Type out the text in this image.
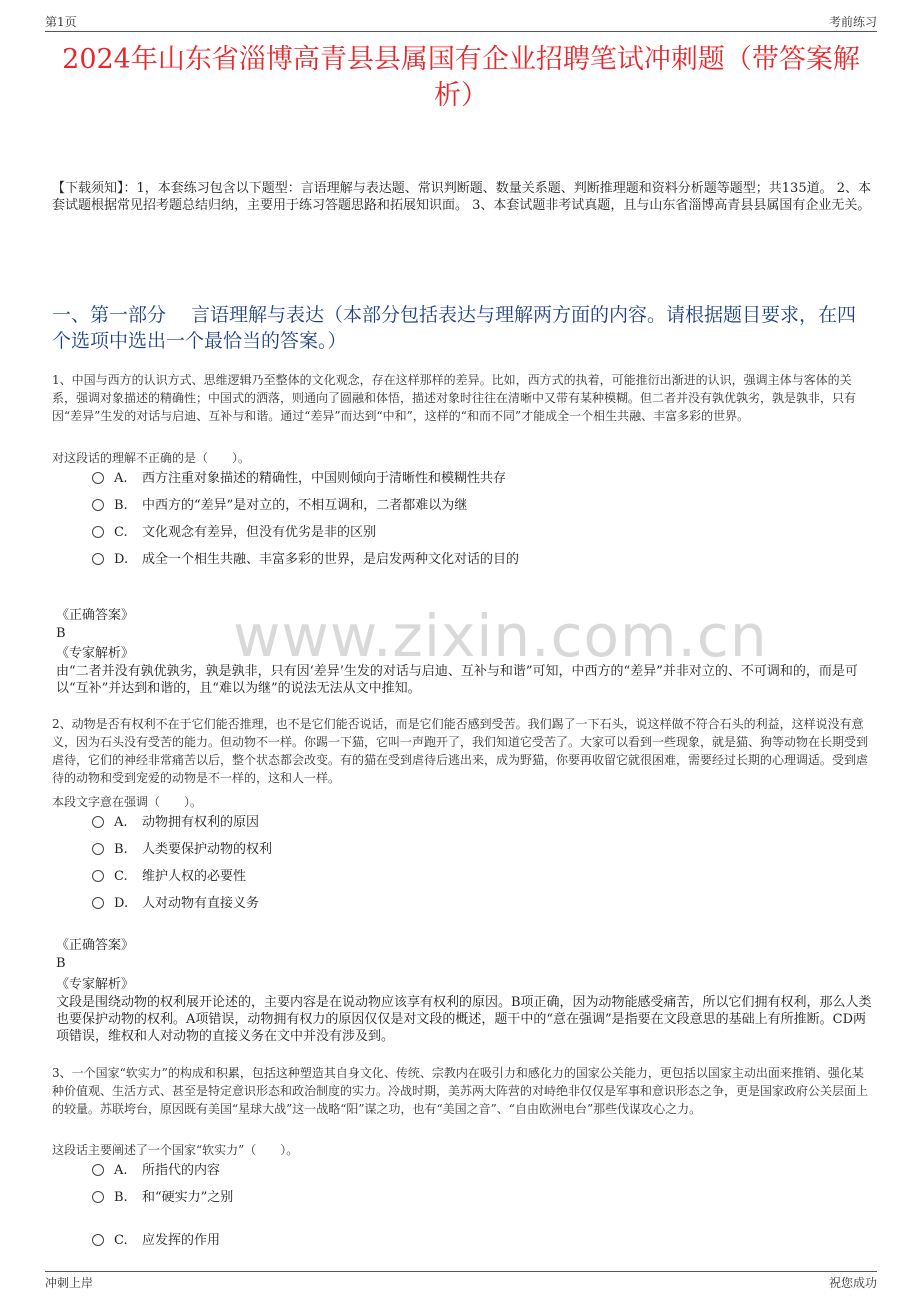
第1页	考前练习
2024年山东省淄博高青县县属国有企业招聘笔试冲刺题（带答案解析）
【下载须知】：1，本套练习包含以下题型：言语理解与表达题、常识判断题、数量关系题、判断推理题和资料分析题等题型；共135道。 2、本套试题根据常见招考题总结归纳，主要用于练习答题思路和拓展知识面。 3、本套试题非考试真题，且与山东省淄博高青县县属国有企业无关。
一、第一部分　 言语理解与表达（本部分包括表达与理解两方面的内容。请根据题目要求，在四个选项中选出一个最恰当的答案。）
1、中国与西方的认识方式、思维逻辑乃至整体的文化观念，存在这样那样的差异。比如，西方式的执着，可能推衍出渐进的认识，强调主体与客体的关系，强调对象描述的精确性；中国式的洒落，则通向了圆融和体悟，描述对象时往往在清晰中又带有某种模糊。但二者并没有孰优孰劣，孰是孰非，只有因“差异”生发的对话与启迪、互补与和谐。通过“差异”而达到“中和”，这样的“和而不同”才能成全一个相生共融、丰富多彩的世界。
对这段话的理解不正确的是（　　）。
A. 西方注重对象描述的精确性，中国则倾向于清晰性和模糊性共存
B. 中西方的“差异”是对立的，不相互调和，二者都难以为继
C. 文化观念有差异，但没有优劣是非的区别
D. 成全一个相生共融、丰富多彩的世界，是启发两种文化对话的目的
《正确答案》
B
《专家解析》
由“二者并没有孰优孰劣，孰是孰非，只有因‘差异’生发的对话与启迪、互补与和谐”可知，中西方的“差异”并非对立的、不可调和的，而是可以“互补”并达到和谐的，且“难以为继”的说法无法从文中推知。
www.zixin.com.cn
2、动物是否有权利不在于它们能否推理，也不是它们能否说话，而是它们能否感到受苦。我们踢了一下石头，说这样做不符合石头的利益，这样说没有意义，因为石头没有受苦的能力。但动物不一样。你踢一下猫，它叫一声跑开了，我们知道它受苦了。大家可以看到一些现象，就是猫、狗等动物在长期受到虐待，它们的神经非常痛苦以后，整个状态都会改变。有的猫在受到虐待后逃出来，成为野猫，你要再收留它就很困难，需要经过长期的心理调适。受到虐待的动物和受到宠爱的动物是不一样的，这和人一样。
本段文字意在强调（　　）。
A. 动物拥有权利的原因
B. 人类要保护动物的权利
C. 维护人权的必要性
D. 人对动物有直接义务
《正确答案》
B
《专家解析》
文段是围绕动物的权利展开论述的，主要内容是在说动物应该享有权利的原因。B项正确，因为动物能感受痛苦，所以它们拥有权利，那么人类也要保护动物的权利。A项错误，动物拥有权力的原因仅仅是对文段的概述，题干中的“意在强调”是指要在文段意思的基础上有所推断。CD两项错误，维权和人对动物的直接义务在文中并没有涉及到。
3、一个国家“软实力”的构成和积累，包括这种塑造其自身文化、传统、宗教内在吸引力和感化力的国家公关能力，更包括以国家主动出面来推销、强化某种价值观、生活方式、甚至是特定意识形态和政治制度的实力。冷战时期，美苏两大阵营的对峙绝非仅仅是军事和意识形态之争，更是国家政府公关层面上的较量。苏联垮台，原因既有美国“星球大战”这一战略“阳”谋之功，也有“美国之音”、“自由欧洲电台”那些伐谋攻心之力。
这段话主要阐述了一个国家“软实力”（　　）。
A. 所指代的内容
B. 和“硬实力”之别
C. 应发挥的作用
冲刺上岸	祝您成功
